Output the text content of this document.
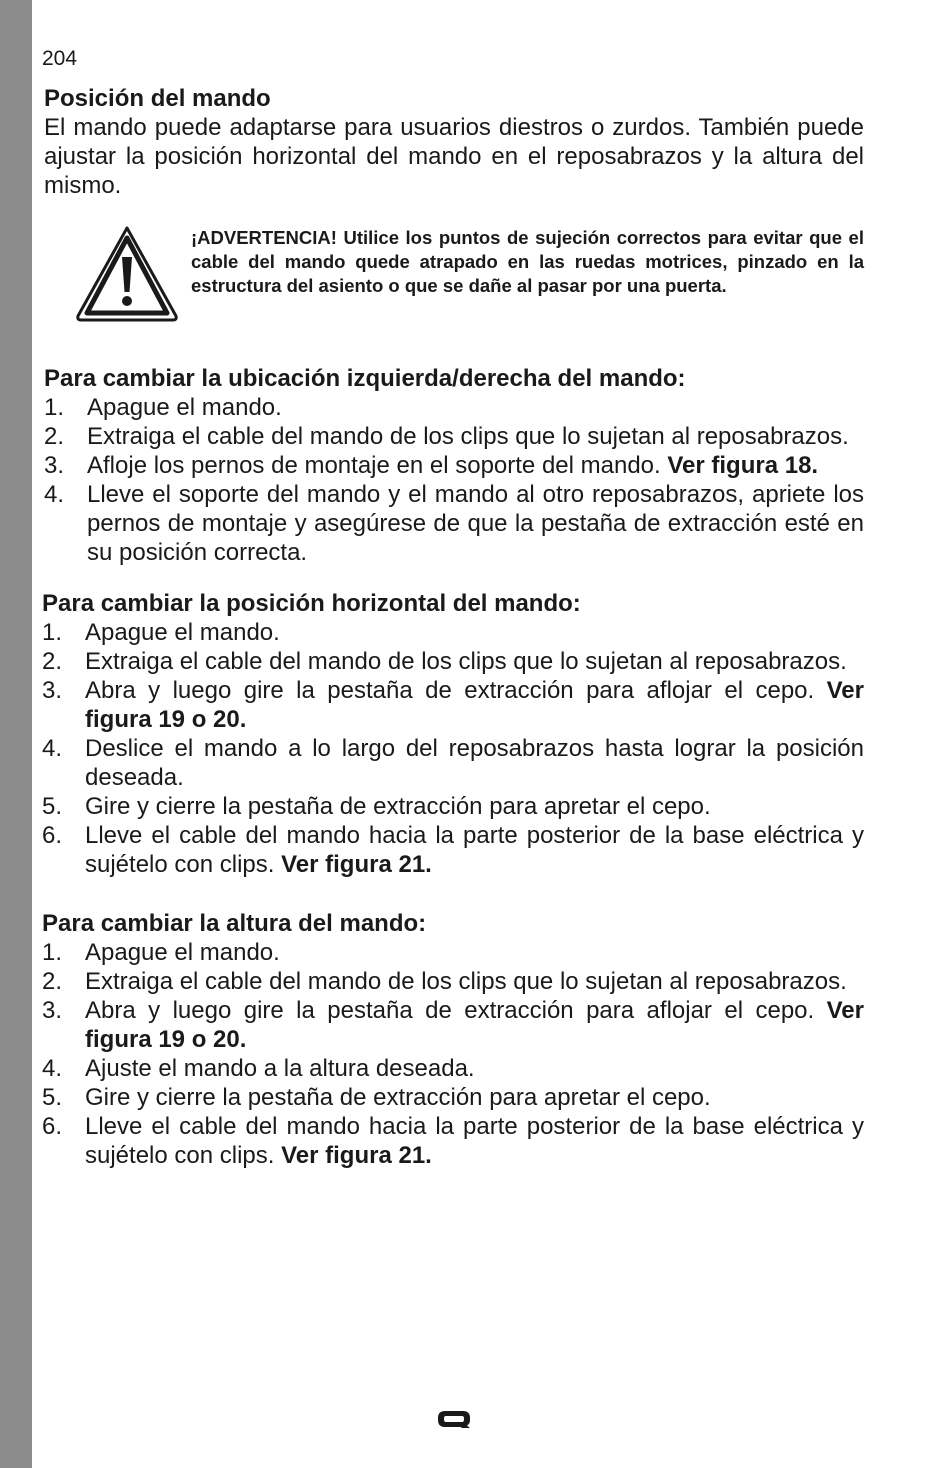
204
Posición del mando

El mando puede adaptarse para usuarios diestros o zurdos. También puede ajustar la posición horizontal del mando en el reposabrazos y la altura del mismo.

¡ADVERTENCIA! Utilice los puntos de sujeción correctos para evitar que el cable del mando quede atrapado en las ruedas motrices, pinzado en la estructura del asiento o que se dañe al pasar por una puerta.

Para cambiar la ubicación izquierda/derecha del mando:
1. Apague el mando.
2. Extraiga el cable del mando de los clips que lo sujetan al reposabrazos.
3. Afloje los pernos de montaje en el soporte del mando. Ver figura 18.
4. Lleve el soporte del mando y el mando al otro reposabrazos, apriete los pernos de montaje y asegúrese de que la pestaña de extracción esté en su posición correcta.
Para cambiar la posición horizontal del mando:
1. Apague el mando.
2. Extraiga el cable del mando de los clips que lo sujetan al reposabrazos.
3. Abra y luego gire la pestaña de extracción para aflojar el cepo. Ver figura 19 o 20.
4. Deslice el mando a lo largo del reposabrazos hasta lograr la posición deseada.
5. Gire y cierre la pestaña de extracción para apretar el cepo.
6. Lleve el cable del mando hacia la parte posterior de la base eléctrica y sujételo con clips. Ver figura 21.
Para cambiar la altura del mando:
1. Apague el mando.
2. Extraiga el cable del mando de los clips que lo sujetan al reposabrazos.
3. Abra y luego gire la pestaña de extracción para aflojar el cepo. Ver figura 19 o 20.
4. Ajuste el mando a la altura deseada.
5. Gire y cierre la pestaña de extracción para apretar el cepo.
6. Lleve el cable del mando hacia la parte posterior de la base eléctrica y sujételo con clips. Ver figura 21.
